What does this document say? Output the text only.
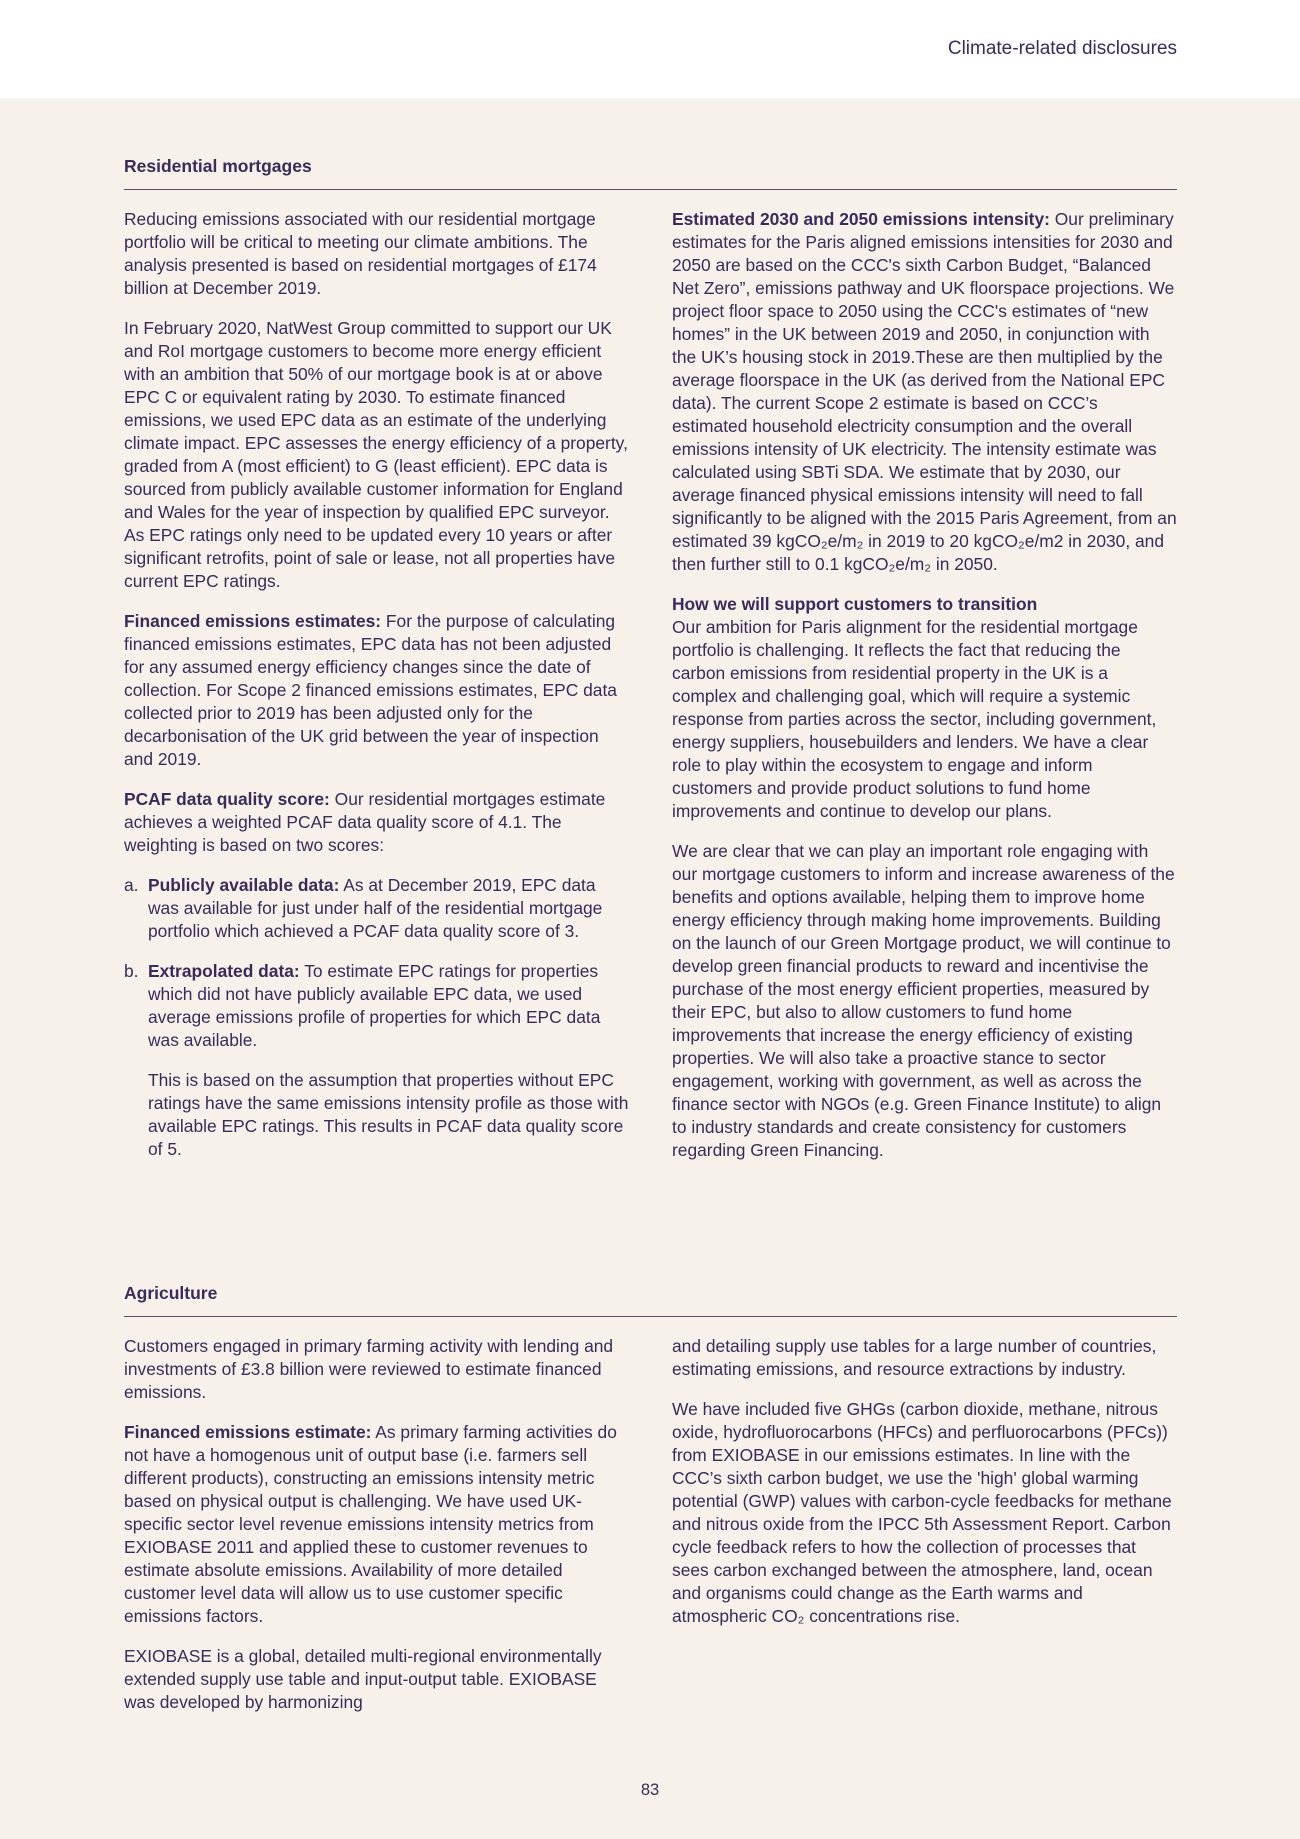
Climate-related disclosures
Residential mortgages

Reducing emissions associated with our residential mortgage portfolio will be critical to meeting our climate ambitions. The analysis presented is based on residential mortgages of £174 billion at December 2019.

In February 2020, NatWest Group committed to support our UK and RoI mortgage customers to become more energy efficient with an ambition that 50% of our mortgage book is at or above EPC C or equivalent rating by 2030. To estimate financed emissions, we used EPC data as an estimate of the underlying climate impact. EPC assesses the energy efficiency of a property, graded from A (most efficient) to G (least efficient). EPC data is sourced from publicly available customer information for England and Wales for the year of inspection by qualified EPC surveyor. As EPC ratings only need to be updated every 10 years or after significant retrofits, point of sale or lease, not all properties have current EPC ratings.

Financed emissions estimates: For the purpose of calculating financed emissions estimates, EPC data has not been adjusted for any assumed energy efficiency changes since the date of collection. For Scope 2 financed emissions estimates, EPC data collected prior to 2019 has been adjusted only for the decarbonisation of the UK grid between the year of inspection and 2019.

PCAF data quality score: Our residential mortgages estimate achieves a weighted PCAF data quality score of 4.1. The weighting is based on two scores:

a. Publicly available data: As at December 2019, EPC data was available for just under half of the residential mortgage portfolio which achieved a PCAF data quality score of 3.
b. Extrapolated data: To estimate EPC ratings for properties which did not have publicly available EPC data, we used average emissions profile of properties for which EPC data was available.

This is based on the assumption that properties without EPC ratings have the same emissions intensity profile as those with available EPC ratings. This results in PCAF data quality score of 5.

Estimated 2030 and 2050 emissions intensity: Our preliminary estimates for the Paris aligned emissions intensities for 2030 and 2050 are based on the CCC's sixth Carbon Budget, “Balanced Net Zero”, emissions pathway and UK floorspace projections. We project floor space to 2050 using the CCC's estimates of “new homes” in the UK between 2019 and 2050, in conjunction with the UK’s housing stock in 2019.These are then multiplied by the average floorspace in the UK (as derived from the National EPC data). The current Scope 2 estimate is based on CCC’s estimated household electricity consumption and the overall emissions intensity of UK electricity. The intensity estimate was calculated using SBTi SDA. We estimate that by 2030, our average financed physical emissions intensity will need to fall significantly to be aligned with the 2015 Paris Agreement, from an estimated 39 kgCO₂e/m₂ in 2019 to 20 kgCO₂e/m2 in 2030, and then further still to 0.1 kgCO₂e/m₂ in 2050.

How we will support customers to transition
Our ambition for Paris alignment for the residential mortgage portfolio is challenging. It reflects the fact that reducing the carbon emissions from residential property in the UK is a complex and challenging goal, which will require a systemic response from parties across the sector, including government, energy suppliers, housebuilders and lenders. We have a clear role to play within the ecosystem to engage and inform customers and provide product solutions to fund home improvements and continue to develop our plans.

We are clear that we can play an important role engaging with our mortgage customers to inform and increase awareness of the benefits and options available, helping them to improve home energy efficiency through making home improvements. Building on the launch of our Green Mortgage product, we will continue to develop green financial products to reward and incentivise the purchase of the most energy efficient properties, measured by their EPC, but also to allow customers to fund home improvements that increase the energy efficiency of existing properties. We will also take a proactive stance to sector engagement, working with government, as well as across the finance sector with NGOs (e.g. Green Finance Institute) to align to industry standards and create consistency for customers regarding Green Financing.

Agriculture

Customers engaged in primary farming activity with lending and investments of £3.8 billion were reviewed to estimate financed emissions.

Financed emissions estimate: As primary farming activities do not have a homogenous unit of output base (i.e. farmers sell different products), constructing an emissions intensity metric based on physical output is challenging. We have used UK-specific sector level revenue emissions intensity metrics from EXIOBASE 2011 and applied these to customer revenues to estimate absolute emissions. Availability of more detailed customer level data will allow us to use customer specific emissions factors.

EXIOBASE is a global, detailed multi-regional environmentally extended supply use table and input-output table. EXIOBASE was developed by harmonizing

and detailing supply use tables for a large number of countries, estimating emissions, and resource extractions by industry.

We have included five GHGs (carbon dioxide, methane, nitrous oxide, hydrofluorocarbons (HFCs) and perfluorocarbons (PFCs)) from EXIOBASE in our emissions estimates. In line with the CCC’s sixth carbon budget, we use the 'high' global warming potential (GWP) values with carbon-cycle feedbacks for methane and nitrous oxide from the IPCC 5th Assessment Report. Carbon cycle feedback refers to how the collection of processes that sees carbon exchanged between the atmosphere, land, ocean and organisms could change as the Earth warms and atmospheric CO₂ concentrations rise.

83
